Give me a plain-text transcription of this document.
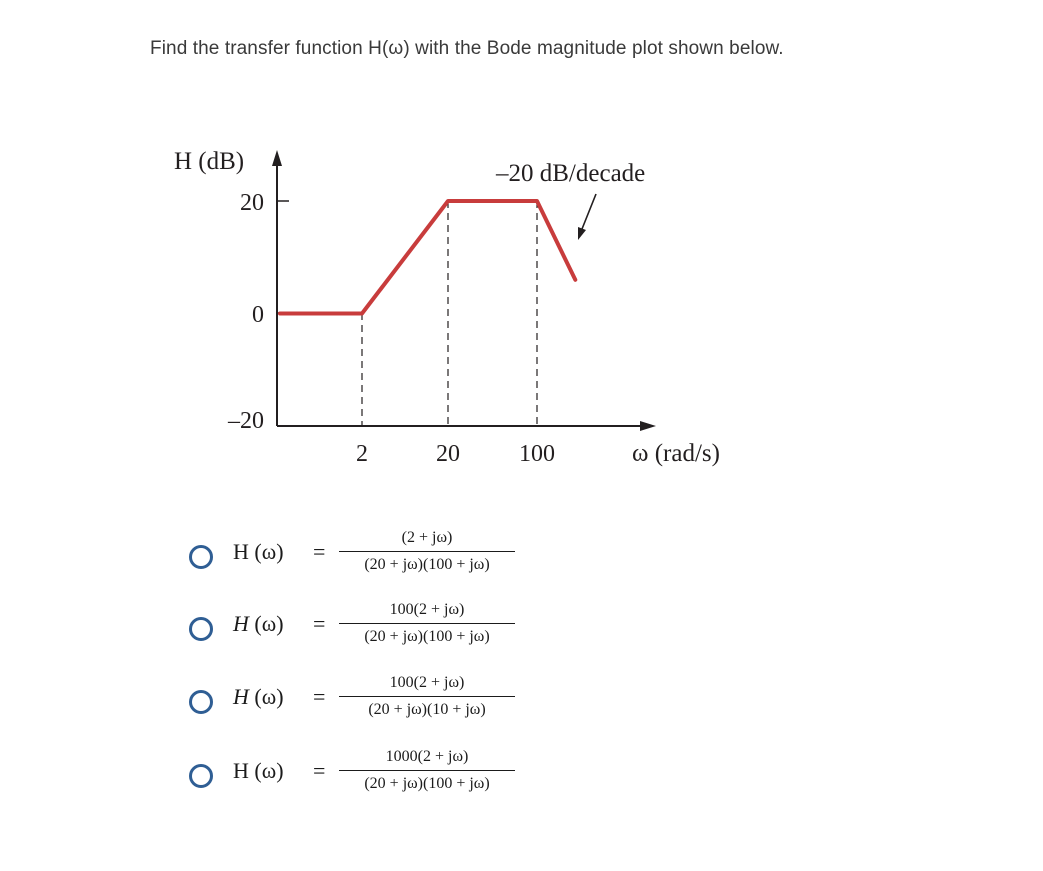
Find the transfer function H(ω) with the Bode magnitude plot shown below.
H (dB)
20
0
–20
2	20 100	ω (rad/s)
–20 dB/decade
H $(\omega) = \frac{(2 + j\omega)}{(20 + j\omega)(100 + j\omega)}$
H $(\omega) = \frac{100(2 + j\omega)}{(20 + j\omega)(100 + j\omega)}$
H $(\omega) = \frac{100(2 + j\omega)}{(20 + j\omega)(10 + j\omega)}$
H $(\omega) = \frac{1000(2 + j\omega)}{(20 + j\omega)(100 + j\omega)}$
